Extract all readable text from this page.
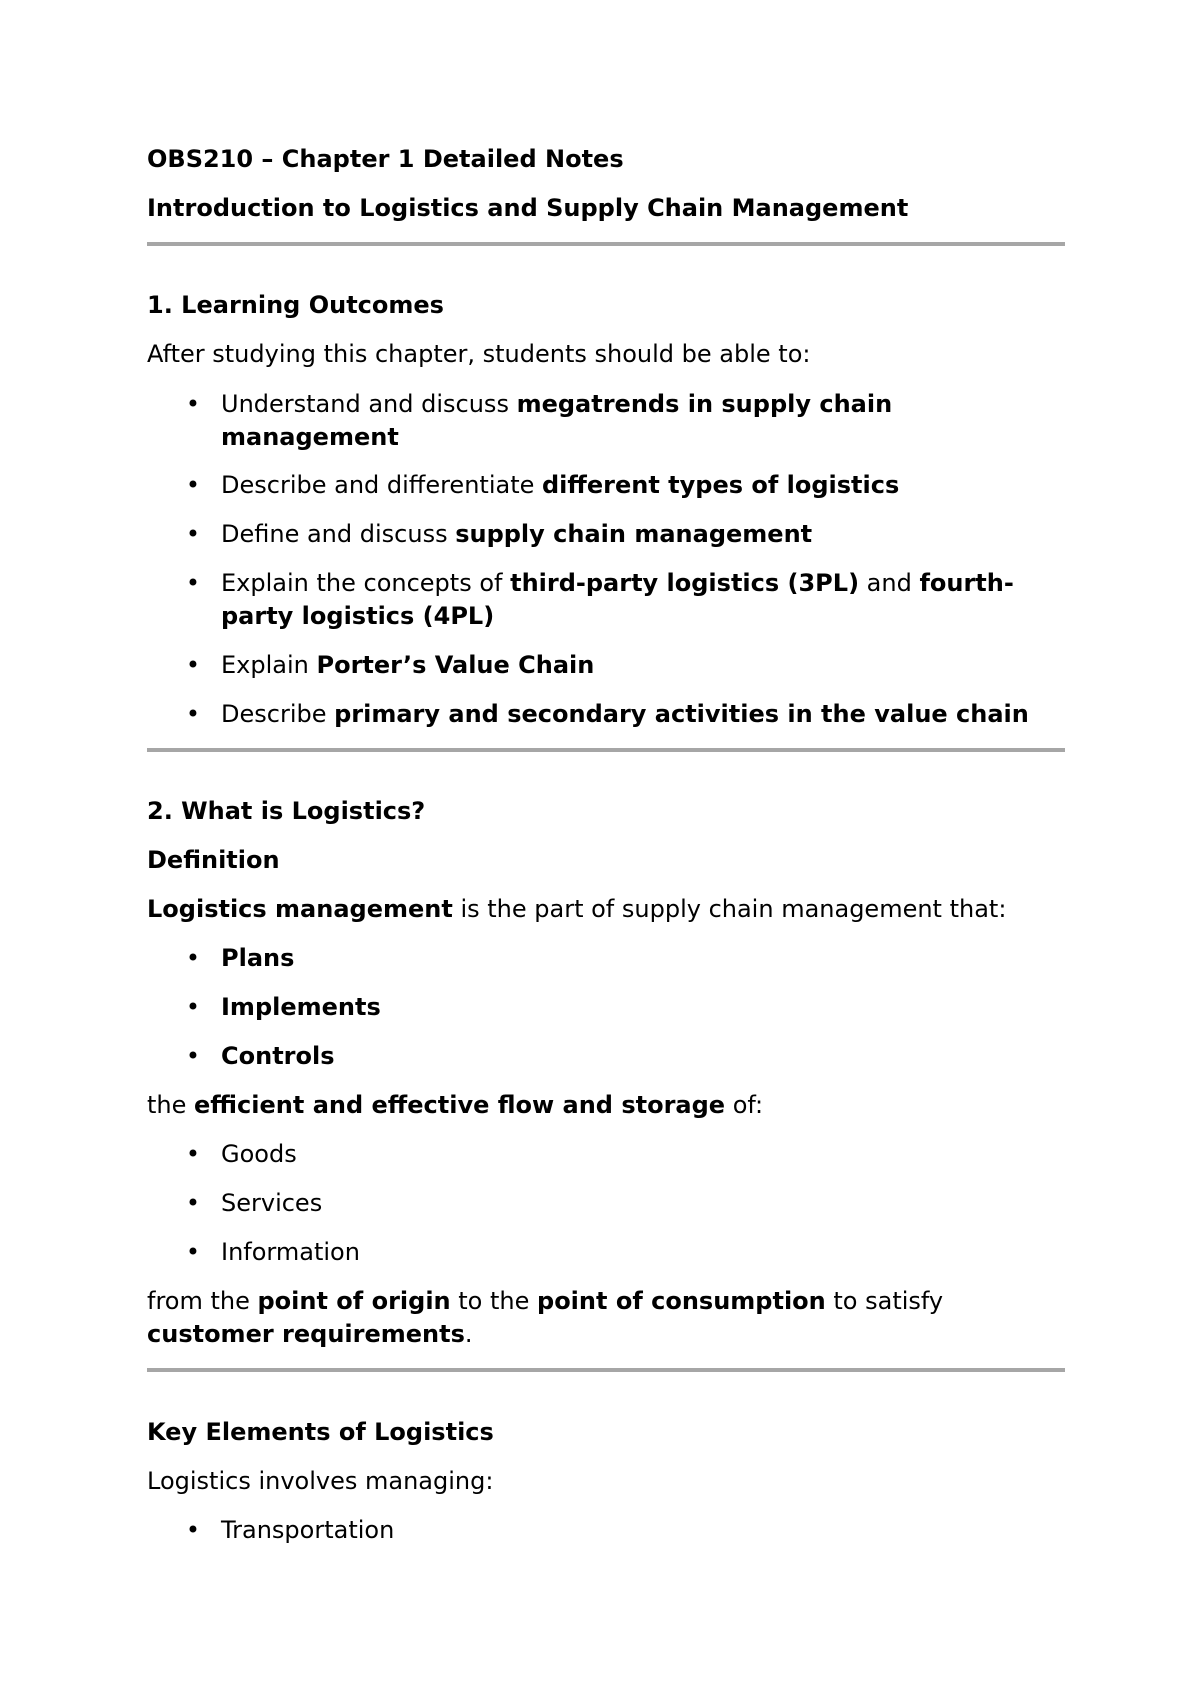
OBS210 – Chapter 1 Detailed Notes

Introduction to Logistics and Supply Chain Management

1. Learning Outcomes

After studying this chapter, students should be able to:

• Understand and discuss megatrends in supply chain
management
• Describe and differentiate different types of logistics
• Define and discuss supply chain management
• Explain the concepts of third-party logistics (3PL) and fourth-
party logistics (4PL)
• Explain Porter’s Value Chain
• Describe primary and secondary activities in the value chain

2. What is Logistics?

Definition

Logistics management is the part of supply chain management that:

• Plans
• Implements
• Controls

the efficient and effective flow and storage of:

• Goods
• Services
• Information

from the point of origin to the point of consumption to satisfy
customer requirements.

Key Elements of Logistics

Logistics involves managing:

• Transportation
